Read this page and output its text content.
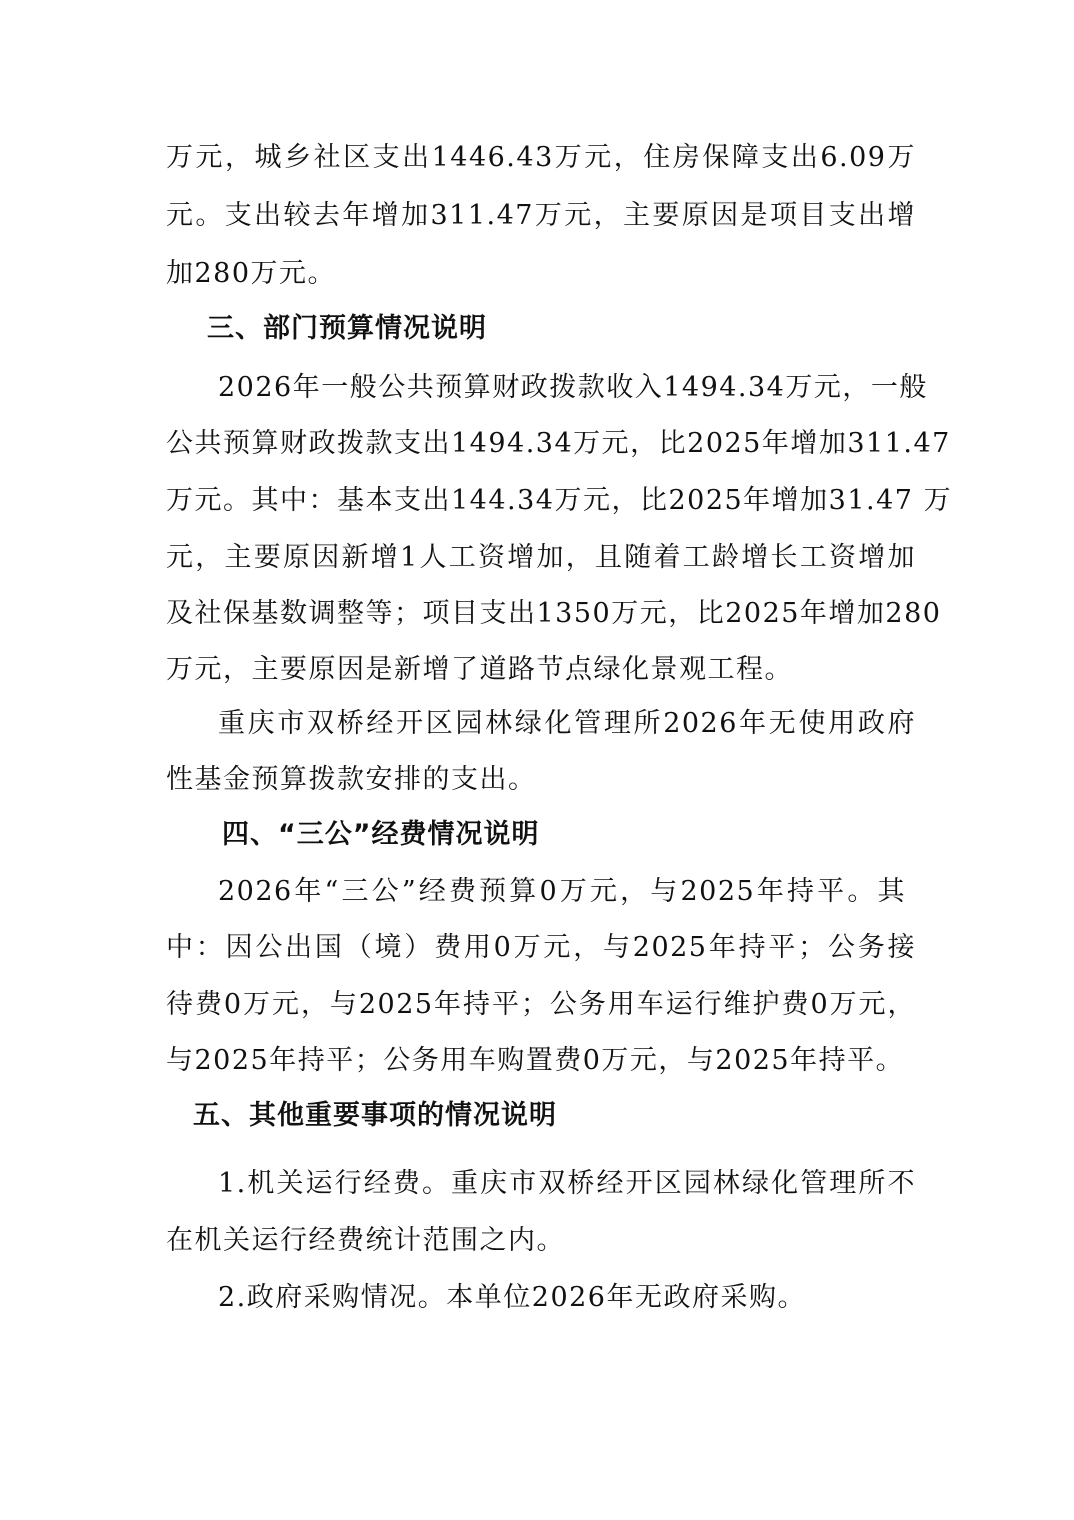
万元，城乡社区支出1446.43万元，住房保障支出6.09万
元。支出较去年增加311.47万元，主要原因是项目支出增
加280万元。
三、部门预算情况说明
2026年一般公共预算财政拨款收入1494.34万元，一般
公共预算财政拨款支出1494.34万元，比2025年增加311.47
万元。其中：基本支出144.34万元，比2025年增加31.47 万
元，主要原因新增1人工资增加，且随着工龄增长工资增加
及社保基数调整等；项目支出1350万元，比2025年增加280
万元，主要原因是新增了道路节点绿化景观工程。
重庆市双桥经开区园林绿化管理所2026年无使用政府
性基金预算拨款安排的支出。
四、“三公”经费情况说明
2026年“三公”经费预算0万元，与2025年持平。其
中：因公出国（境）费用0万元，与2025年持平；公务接
待费0万元，与2025年持平；公务用车运行维护费0万元，
与2025年持平；公务用车购置费0万元，与2025年持平。
五、其他重要事项的情况说明
1.机关运行经费。重庆市双桥经开区园林绿化管理所不
在机关运行经费统计范围之内。
2.政府采购情况。本单位2026年无政府采购。
